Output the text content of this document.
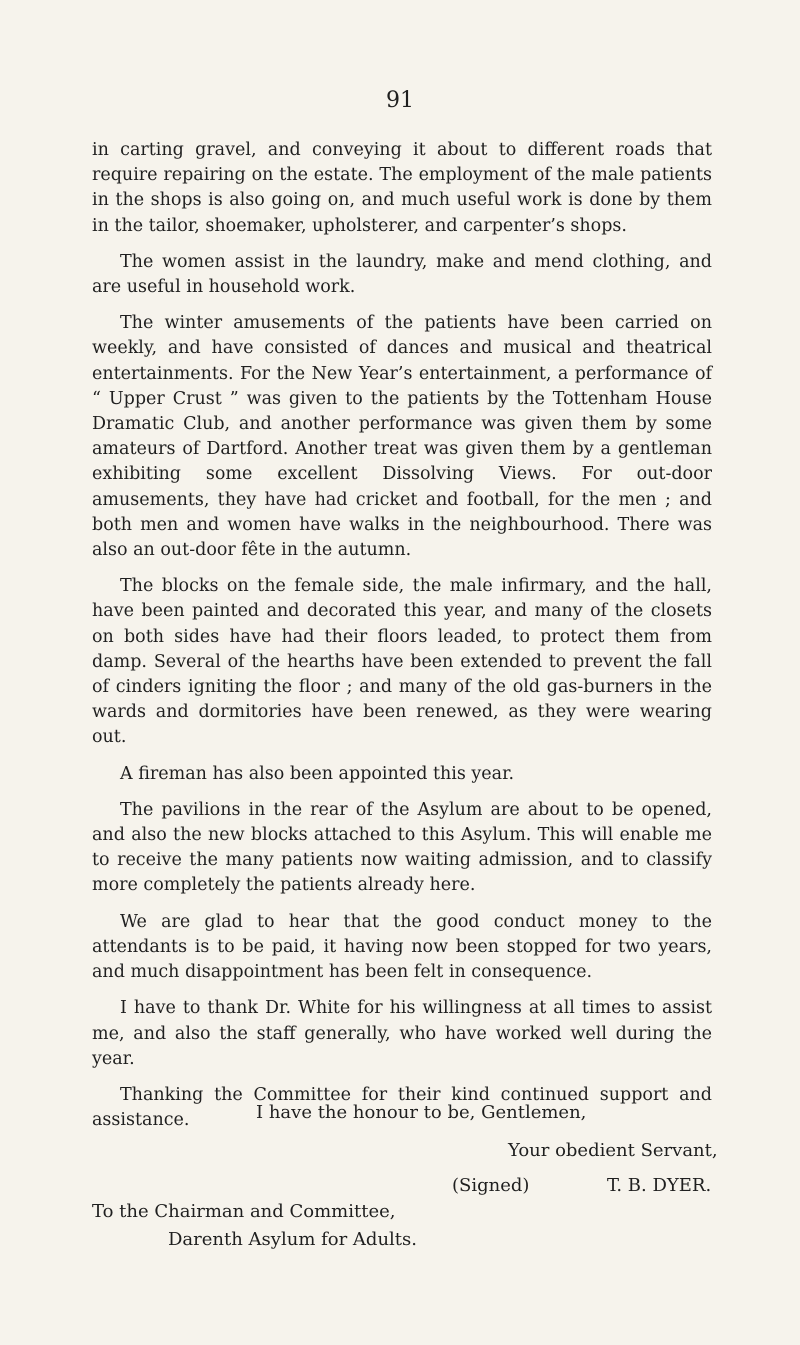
91

in carting gravel, and conveying it about to different roads that require repairing on the estate. The employment of the male patients in the shops is also going on, and much useful work is done by them in the tailor, shoemaker, upholsterer, and carpenter’s shops.

The women assist in the laundry, make and mend clothing, and are useful in household work.

The winter amusements of the patients have been carried on weekly, and have consisted of dances and musical and theatrical entertainments. For the New Year’s entertainment, a performance of “ Upper Crust ” was given to the patients by the Tottenham House Dramatic Club, and another performance was given them by some amateurs of Dartford. Another treat was given them by a gentleman exhibiting some excellent Dissolving Views. For out-door amusements, they have had cricket and football, for the men ; and both men and women have walks in the neighbourhood. There was also an out-door fête in the autumn.

The blocks on the female side, the male infirmary, and the hall, have been painted and decorated this year, and many of the closets on both sides have had their floors leaded, to protect them from damp. Several of the hearths have been extended to prevent the fall of cinders igniting the floor ; and many of the old gas-burners in the wards and dormitories have been renewed, as they were wearing out.

A fireman has also been appointed this year.

The pavilions in the rear of the Asylum are about to be opened, and also the new blocks attached to this Asylum. This will enable me to receive the many patients now waiting admission, and to classify more completely the patients already here.

We are glad to hear that the good conduct money to the attendants is to be paid, it having now been stopped for two years, and much disappointment has been felt in consequence.

I have to thank Dr. White for his willingness at all times to assist me, and also the staff generally, who have worked well during the year.

Thanking the Committee for their kind continued support and assistance.	I have the honour to be, Gentlemen,
Your obedient Servant,
(Signed)	T. B. DYER.
To the Chairman and Committee,
Darenth Asylum for Adults.
